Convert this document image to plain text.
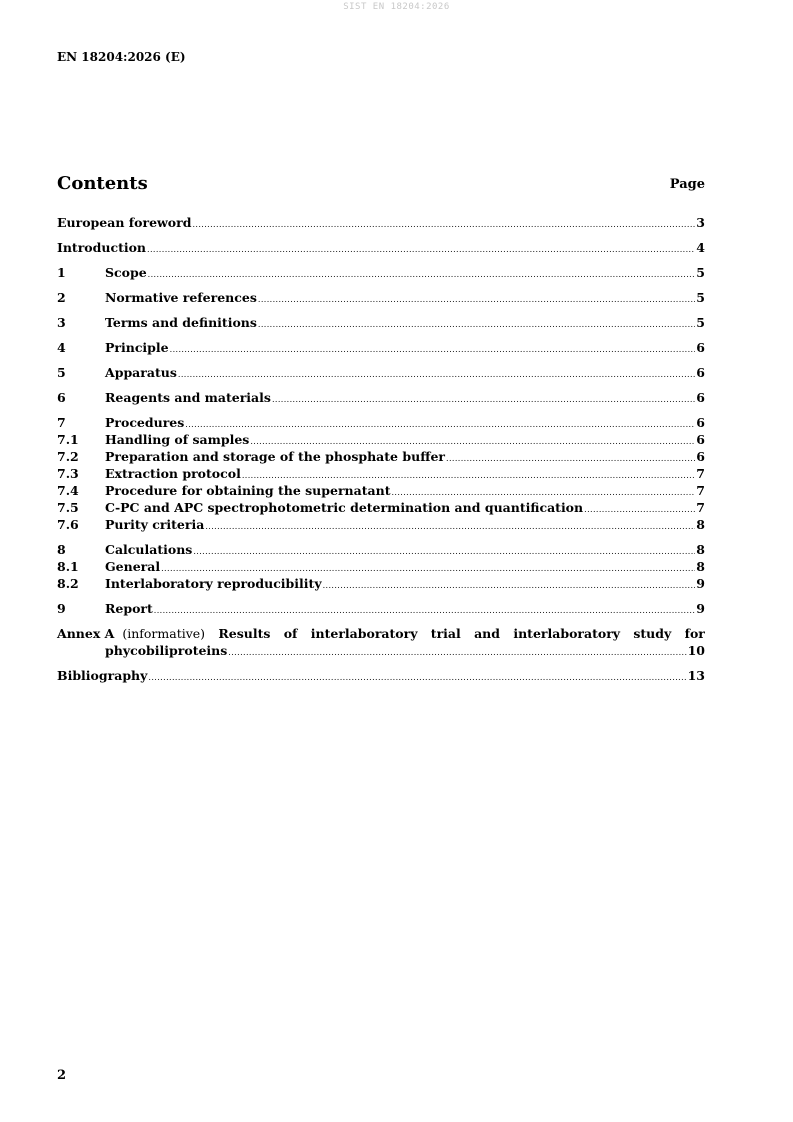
SIST EN 18204:2026
EN 18204:2026 (E)
Contents	Page
European foreword .....	3
Introduction .....	4
1	Scope .....	5
2	Normative references .....	5
3	Terms and definitions .....	5
4	Principle .....	6
5	Apparatus .....	6
6	Reagents and materials .....	6
7	Procedures .....	6
7.1	Handling of samples .....	6
7.2	Preparation and storage of the phosphate buffer .....	6
7.3	Extraction protocol .....	7
7.4	Procedure for obtaining the supernatant .....	7
7.5	C-PC and APC spectrophotometric determination and quantification .....	7
7.6	Purity criteria .....	8
8	Calculations .....	8
8.1	General .....	8
8.2	Interlaboratory reproducibility .....	9
9	Report .....	9
Annex A (informative) Results of interlaboratory trial and interlaboratory study for
phycobiliproteins .....	10
Bibliography .....	13
2
